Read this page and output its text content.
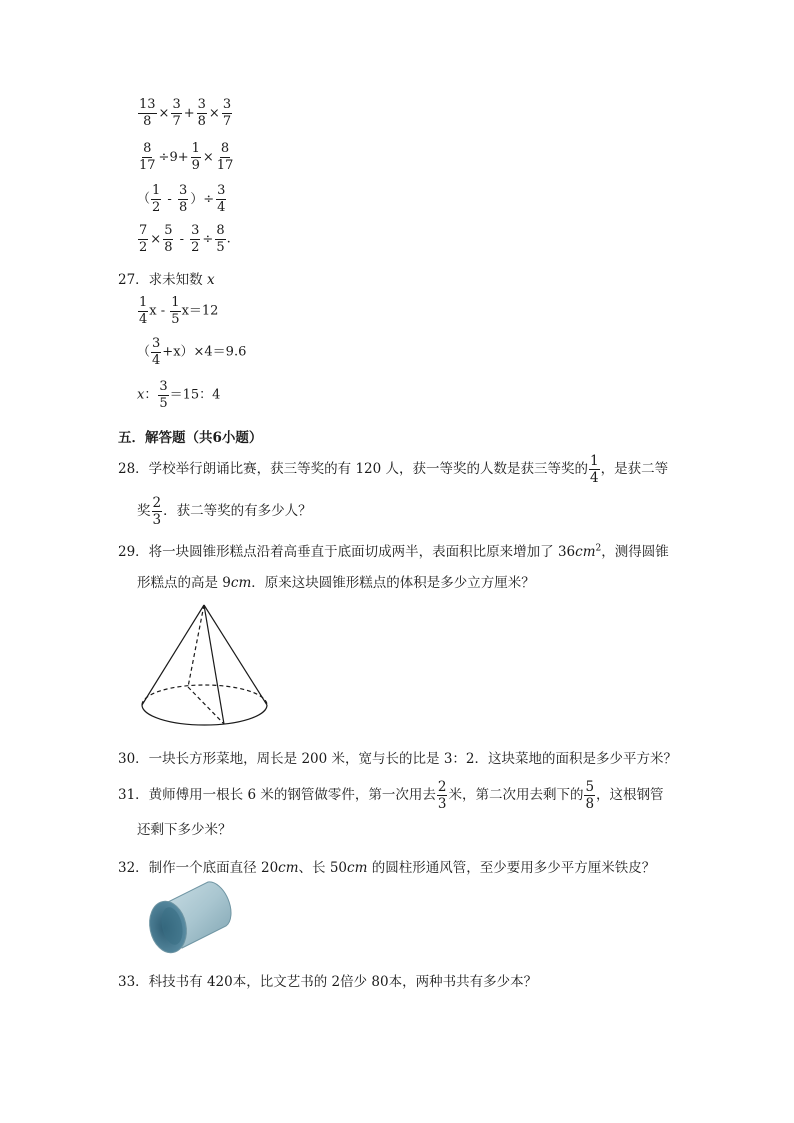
$\frac{13}{8} \times \frac{3}{7} + \frac{3}{8} \times \frac{3}{7}$
$\frac{8}{17} \div 9+ \frac{1}{9} \times \frac{8}{17}$
（ $\frac{1}{2} - \frac{3}{8}$ ）÷ $\frac{3}{4}$
$\frac{7}{2} \times \frac{5}{8} - \frac{3}{2} \div \frac{8}{5}$ .
27．求未知数 x
$\frac{1}{4}$ $x - \frac{1}{5} x=12$
（ $\frac{3}{4} +x)\times 4=9.6$
x： $\frac{3}{5} =15$：4
五．解答题（共6小题）
28．学校举行朗诵比赛，获三等奖的有 120 人，获一等奖的人数是获三等奖的 $\frac{1}{4}$ ，是获二等
奖 $\frac{2}{3}$ ．获二等奖的有多少人？
29．将一块圆锥形糕点沿着高垂直于底面切成两半，表面积比原来增加了 $36cm^2$，测得圆锥
形糕点的高是 9cm．原来这块圆锥形糕点的体积是多少立方厘米？
30．一块长方形菜地，周长是 200 米，宽与长的比是 3：2．这块菜地的面积是多少平方米？
31．黄师傅用一根长 6 米的钢管做零件，第一次用去 $\frac{2}{3}$ 米，第二次用去剩下的 $\frac{5}{8}$ ，这根钢管
还剩下多少米？
32．制作一个底面直径 20cm、长 50cm 的圆柱形通风管，至少要用多少平方厘米铁皮？
33．科技书有 420本，比文艺书的 2倍少 80本，两种书共有多少本？
